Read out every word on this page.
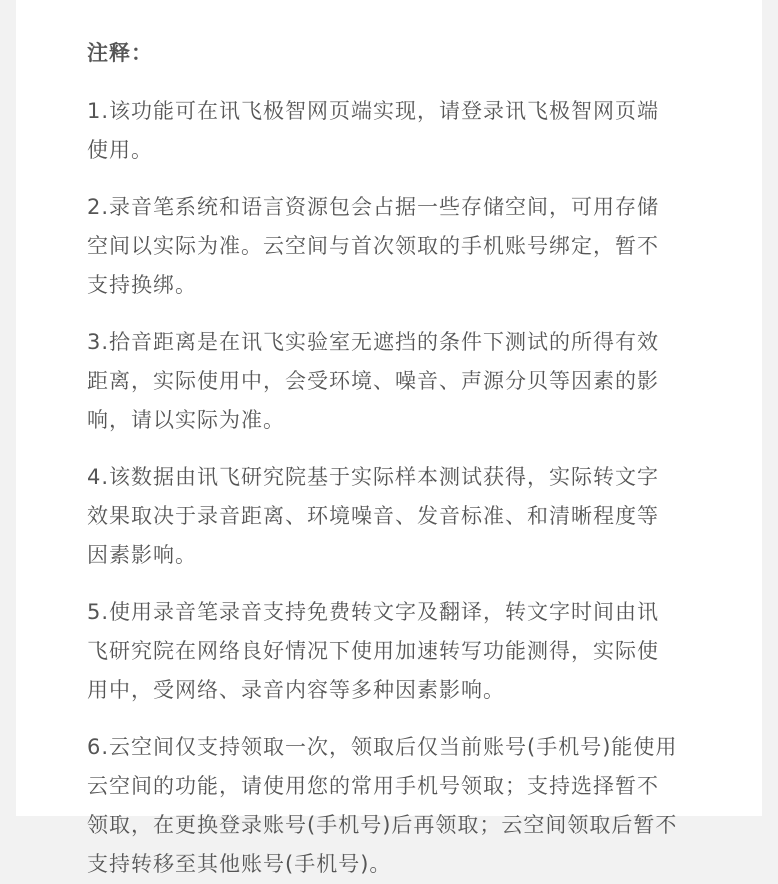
注释：
1.该功能可在讯飞极智网页端实现，请登录讯飞极智网页端
使用。
2.录音笔系统和语言资源包会占据一些存储空间，可用存储
空间以实际为准。云空间与首次领取的手机账号绑定，暂不
支持换绑。
3.拾音距离是在讯飞实验室无遮挡的条件下测试的所得有效
距离，实际使用中，会受环境、噪音、声源分贝等因素的影
响，请以实际为准。
4.该数据由讯飞研究院基于实际样本测试获得，实际转文字
效果取决于录音距离、环境噪音、发音标准、和清晰程度等
因素影响。
5.使用录音笔录音支持免费转文字及翻译，转文字时间由讯
飞研究院在网络良好情况下使用加速转写功能测得，实际使
用中，受网络、录音内容等多种因素影响。
6.云空间仅支持领取一次，领取后仅当前账号(手机号)能使用
云空间的功能，请使用您的常用手机号领取；支持选择暂不
领取，在更换登录账号(手机号)后再领取；云空间领取后暂不
支持转移至其他账号(手机号)。
